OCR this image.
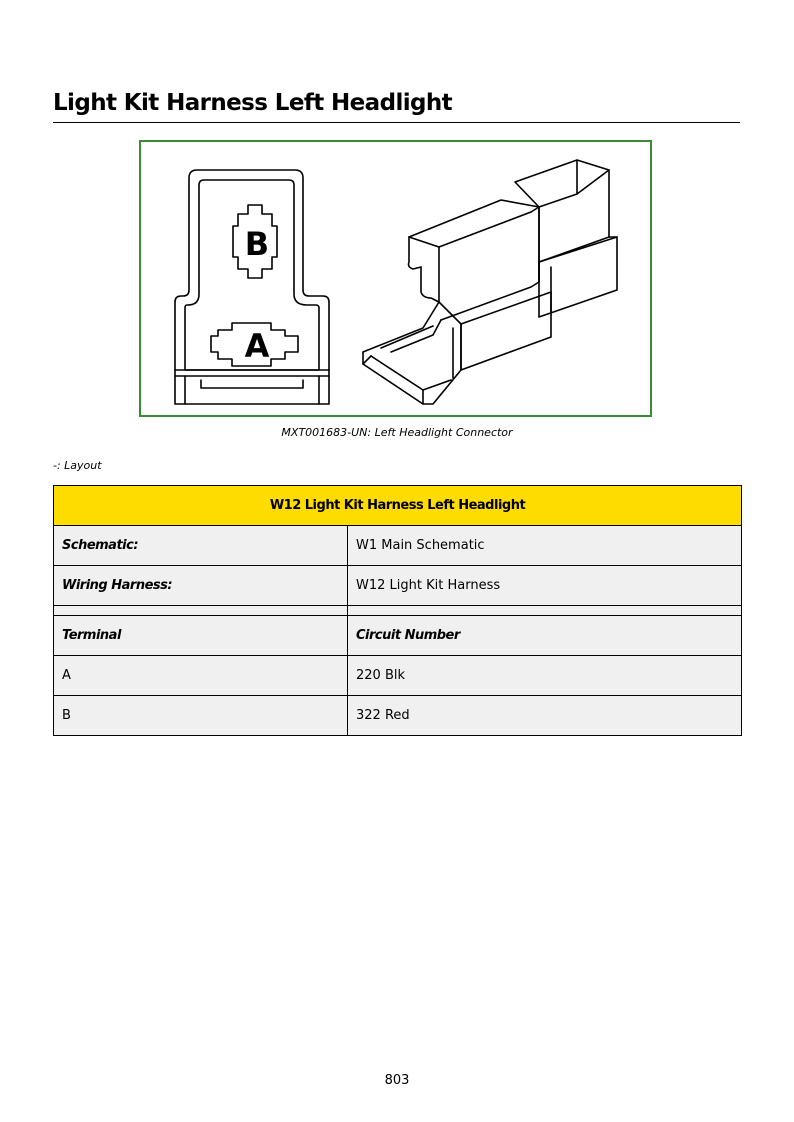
Light Kit Harness Left Headlight
B
A
MXT001683-UN: Left Headlight Connector
-: Layout
W12 Light Kit Harness Left Headlight	
Schematic:	W1 Main Schematic
Wiring Harness:	W12 Light Kit Harness

Terminal	Circuit Number
A	220 Blk
B	322 Red
803
